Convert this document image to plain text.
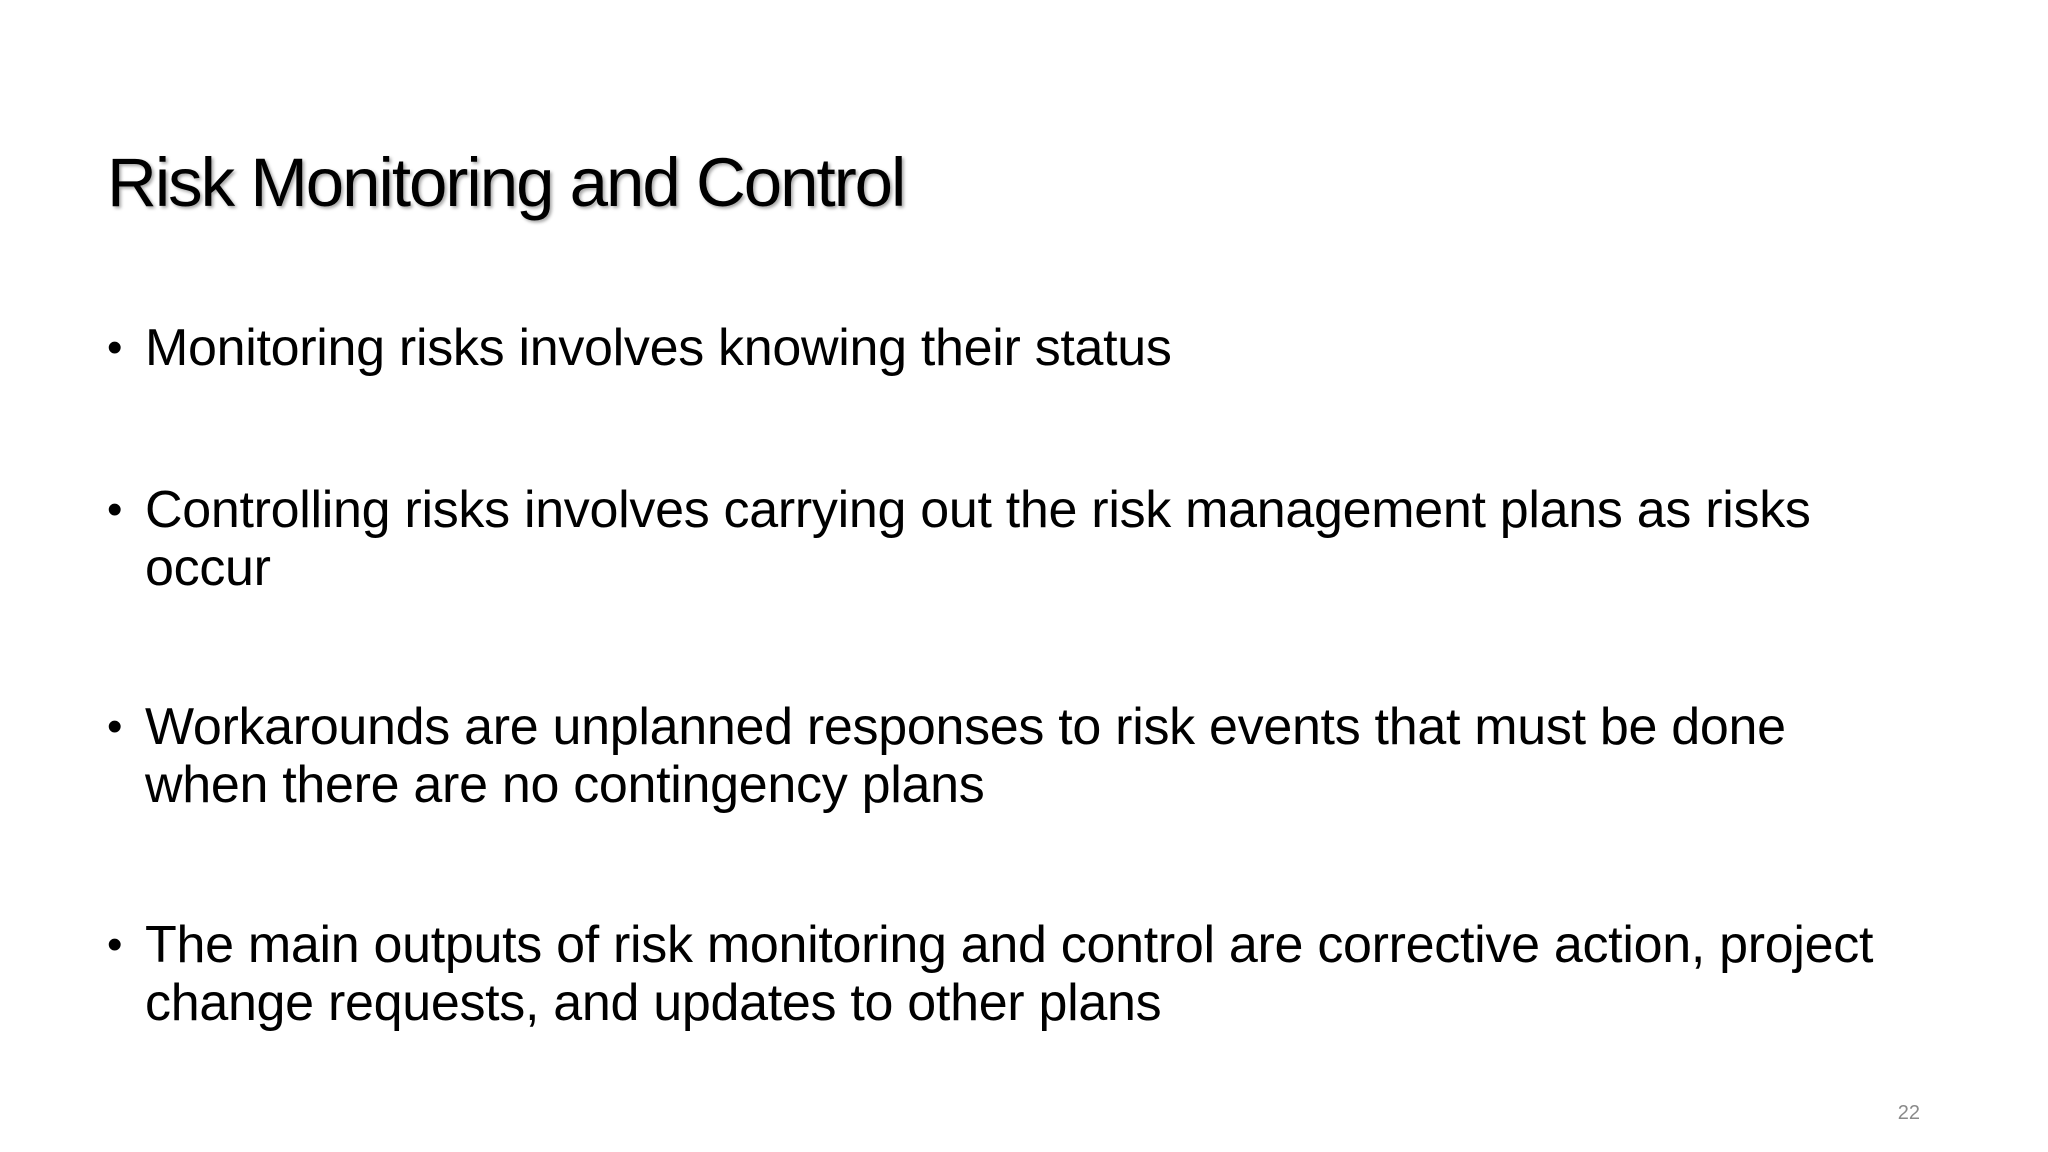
Risk Monitoring and Control
• Monitoring risks involves knowing their status
• Controlling risks involves carrying out the risk management plans as risks occur
• Workarounds are unplanned responses to risk events that must be done when there are no contingency plans
• The main outputs of risk monitoring and control are corrective action, project change requests, and updates to other plans
22
